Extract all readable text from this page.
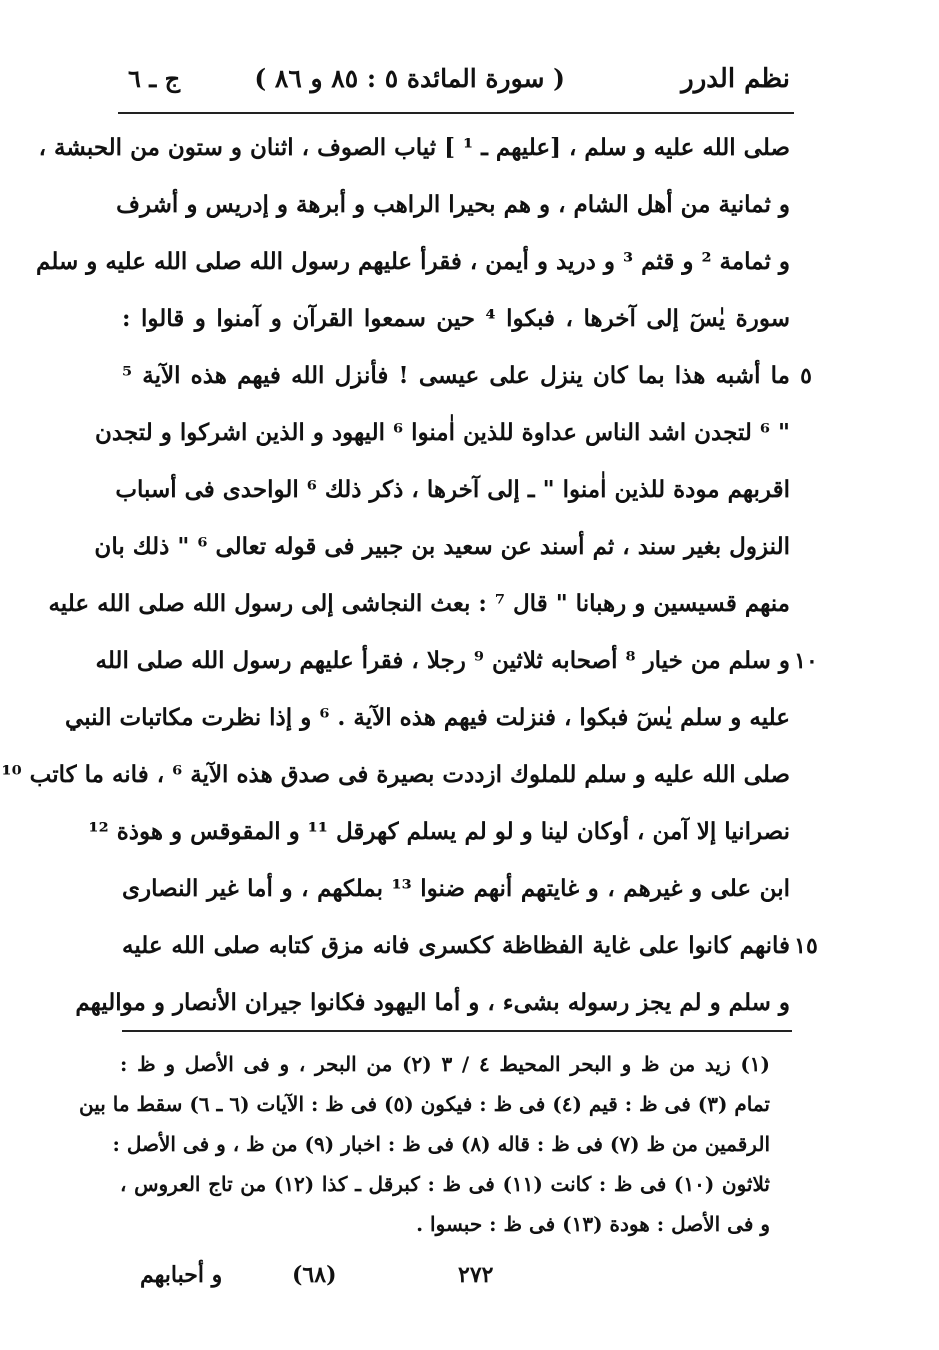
نظم الدرر
( سورة المائدة ٥ : ٨٥ و ٨٦ )
ج ـ ٦
صلى الله عليه و سلم ، [عليهم ـ ¹ ] ثياب الصوف ، اثنان و ستون من الحبشة ،
و ثمانية من أهل الشام ، و هم بحيرا الراهب و أبرهة و إدريس و أشرف
و ثمامة ² و قثم ³ و دريد و أيمن ، فقرأ عليهم رسول الله صلى الله عليه و سلم
سورة يٰسٓ إلى آخرها ، فبكوا ⁴ حين سمعوا القرآن و آمنوا و قالوا :
٥
ما أشبه هذا بما كان ينزل على عيسى ! فأنزل الله فيهم هذه الآية ⁵
" ⁶ لتجدن اشد الناس عداوة للذين اٰمنوا ⁶ اليهود و الذين اشركوا و لتجدن
اقربهم مودة للذين اٰمنوا " ـ إلى آخرها ، ذكر ذلك ⁶ الواحدى فى أسباب
النزول بغير سند ، ثم أسند عن سعيد بن جبير فى قوله تعالى ⁶ " ذلك بان
منهم قسيسين و رهبانا " قال ⁷ : بعث النجاشى إلى رسول الله صلى الله عليه
١٠
و سلم من خيار ⁸ أصحابه ثلاثين ⁹ رجلا ، فقرأ عليهم رسول الله صلى الله
عليه و سلم يٰسٓ فبكوا ، فنزلت فيهم هذه الآية . ⁶ و إذا نظرت مكاتبات النبي
صلى الله عليه و سلم للملوك ازددت بصيرة فى صدق هذه الآية ⁶ ، فانه ما كاتب ¹⁰
نصرانيا إلا آمن ، أوكان لينا و لو لم يسلم كهرقل ¹¹ و المقوقس و هوذة ¹²
ابن على و غيرهم ، و غايتهم أنهم ضنوا ¹³ بملكهم ، و أما غير النصارى
١٥
فانهم كانوا على غاية الفظاظة ككسرى فانه مزق كتابه صلى الله عليه
و سلم و لم يجز رسوله بشىء ، و أما اليهود فكانوا جيران الأنصار و مواليهم
(١) زيد من ظ و البحر المحيط ٤ / ٣ (٢) من البحر ، و فى الأصل و ظ :
تمام (٣) فى ظ : قيم (٤) فى ظ : فيكون (٥) فى ظ : الآيات (٦ ـ ٦) سقط ما بين
الرقمين من ظ (٧) فى ظ : قاله (٨) فى ظ : اخبار (٩) من ظ ، و فى الأصل :
ثلاثون (١٠) فى ظ : كانت (١١) فى ظ : كبرقل ـ كذا (١٢) من تاج العروس ،
و فى الأصل : هودة (١٣) فى ظ : حبسوا .
و أحبابهم	(٦٨)	٢٧٢
